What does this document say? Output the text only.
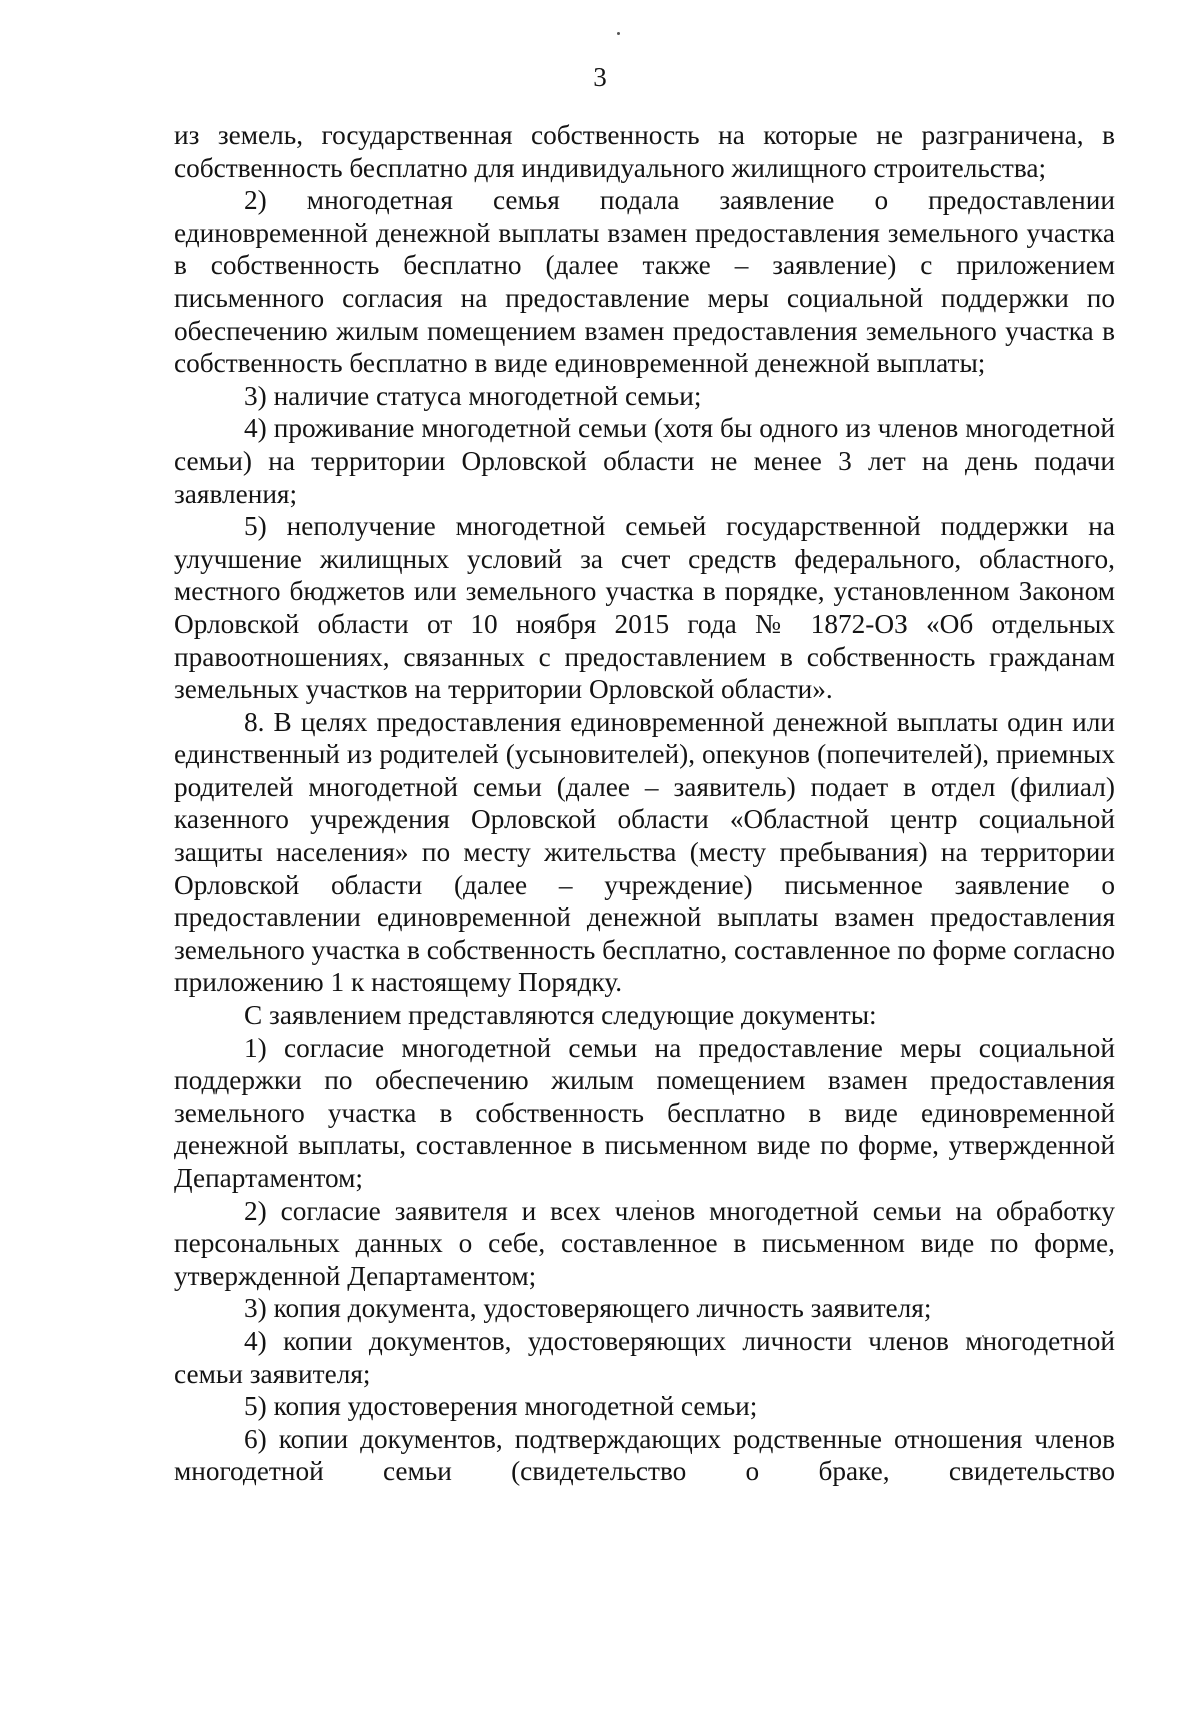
3

из земель, государственная собственность на которые не разграничена, в собственность бесплатно для индивидуального жилищного строительства;

2) многодетная семья подала заявление о предоставлении единовременной денежной выплаты взамен предоставления земельного участка в собственность бесплатно (далее также – заявление) с приложением письменного согласия на предоставление меры социальной поддержки по обеспечению жилым помещением взамен предоставления земельного участка в собственность бесплатно в виде единовременной денежной выплаты;

3) наличие статуса многодетной семьи;

4) проживание многодетной семьи (хотя бы одного из членов многодетной семьи) на территории Орловской области не менее 3 лет на день подачи заявления;

5) неполучение многодетной семьей государственной поддержки на улучшение жилищных условий за счет средств федерального, областного, местного бюджетов или земельного участка в порядке, установленном Законом Орловской области от 10 ноября 2015 года № 1872-ОЗ «Об отдельных правоотношениях, связанных с предоставлением в собственность гражданам земельных участков на территории Орловской области».

8. В целях предоставления единовременной денежной выплаты один или единственный из родителей (усыновителей), опекунов (попечителей), приемных родителей многодетной семьи (далее – заявитель) подает в отдел (филиал) казенного учреждения Орловской области «Областной центр социальной защиты населения» по месту жительства (месту пребывания) на территории Орловской области (далее – учреждение) письменное заявление о предоставлении единовременной денежной выплаты взамен предоставления земельного участка в собственность бесплатно, составленное по форме согласно приложению 1 к настоящему Порядку.

С заявлением представляются следующие документы:

1) согласие многодетной семьи на предоставление меры социальной поддержки по обеспечению жилым помещением взамен предоставления земельного участка в собственность бесплатно в виде единовременной денежной выплаты, составленное в письменном виде по форме, утвержденной Департаментом;

2) согласие заявителя и всех членов многодетной семьи на обработку персональных данных о себе, составленное в письменном виде по форме, утвержденной Департаментом;

3) копия документа, удостоверяющего личность заявителя;

4) копии документов, удостоверяющих личности членов многодетной семьи заявителя;

5) копия удостоверения многодетной семьи;

6) копии документов, подтверждающих родственные отношения членов многодетной семьи (свидетельство о браке, свидетельство
